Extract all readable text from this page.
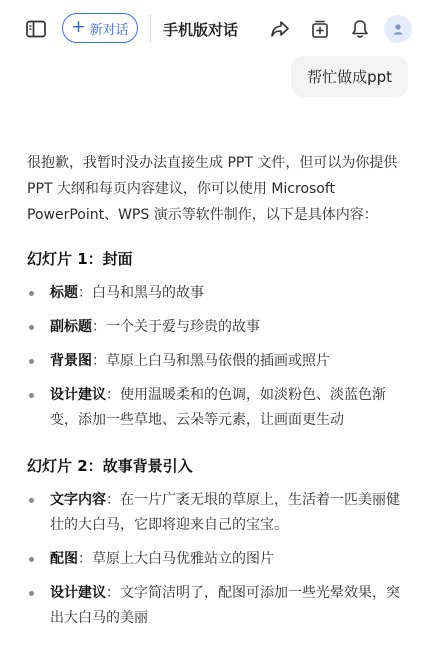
+ 新对话 手机版对话
帮忙做成ppt

很抱歉，我暂时没办法直接生成 PPT 文件，但可以为你提供 PPT 大纲和每页内容建议，你可以使用 Microsoft PowerPoint、WPS 演示等软件制作，以下是具体内容：

幻灯片 1：封面
标题：白马和黑马的故事
副标题：一个关于爱与珍贵的故事
背景图：草原上白马和黑马依偎的插画或照片
设计建议：使用温暖柔和的色调，如淡粉色、淡蓝色渐变，添加一些草地、云朵等元素，让画面更生动
幻灯片 2：故事背景引入
文字内容：在一片广袤无垠的草原上，生活着一匹美丽健壮的大白马，它即将迎来自己的宝宝。
配图：草原上大白马优雅站立的图片
设计建议：文字简洁明了，配图可添加一些光晕效果，突出大白马的美丽
